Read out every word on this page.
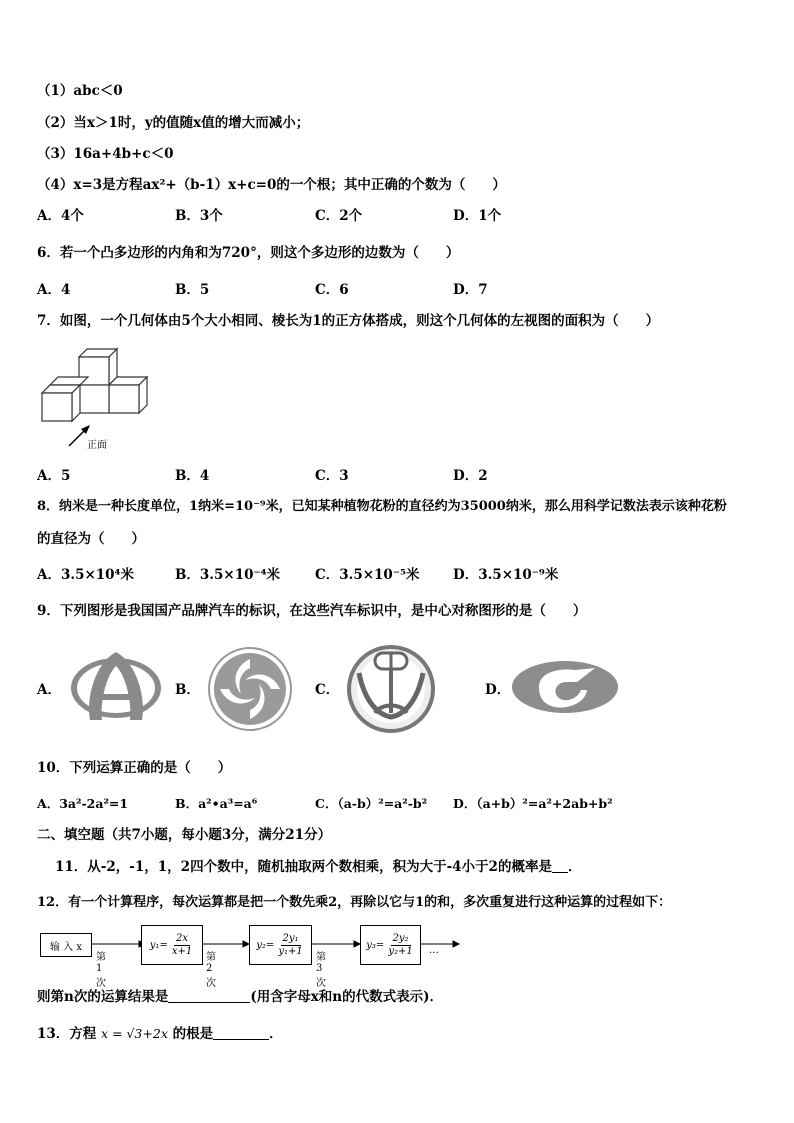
（1）abc＜0
（2）当x＞1时，y的值随x值的增大而减小；
（3）16a+4b+c＜0
（4）x=3是方程ax²+（b-1）x+c=0的一个根；其中正确的个数为（　　）
A．4个	B．3个	C．2个	D．1个
6．若一个凸多边形的内角和为720°，则这个多边形的边数为（　　）
A．4	B．5	C．6	D．7
7．如图，一个几何体由5个大小相同、棱长为1的正方体搭成，则这个几何体的左视图的面积为（　　）
正面
A．5	B．4	C．3	D．2
8．纳米是一种长度单位，1纳米=10⁻⁹米，已知某种植物花粉的直径约为35000纳米，那么用科学记数法表示该种花粉
的直径为（　　）
A．3.5×10⁴米	B．3.5×10⁻⁴米	C．3.5×10⁻⁵米 D．3.5×10⁻⁹米
9．下列图形是我国国产品牌汽车的标识，在这些汽车标识中，是中心对称图形的是（　　）
A．	B．	C．	D．
10．下列运算正确的是（　　）
A．3a²-2a²=1	B．a²•a³=a⁶	C．（a-b）²=a²-b² D．（a+b）²=a²+2ab+b²
二、填空题（共7小题，每小题3分，满分21分）
11．从-2，-1，1，2四个数中，随机抽取两个数相乘，积为大于-4小于2的概率是 ．
12．有一个计算程序，每次运算都是把一个数先乘2，再除以它与1的和，多次重复进行这种运算的过程如下：
输 入 x
第 1 次
$y_1= \frac{2x}{x+1}$ 第 2 次
$y_2= \frac{\text{2y₁}}{\text{y₁+1}}$ 第 3 次
$y_3= \frac{\text{2y₂}}{\text{y₂+1}}$ …
则第n次的运算结果是	(用含字母x和n的代数式表示)．
13．方程 x = √3+2x 的根是	．
